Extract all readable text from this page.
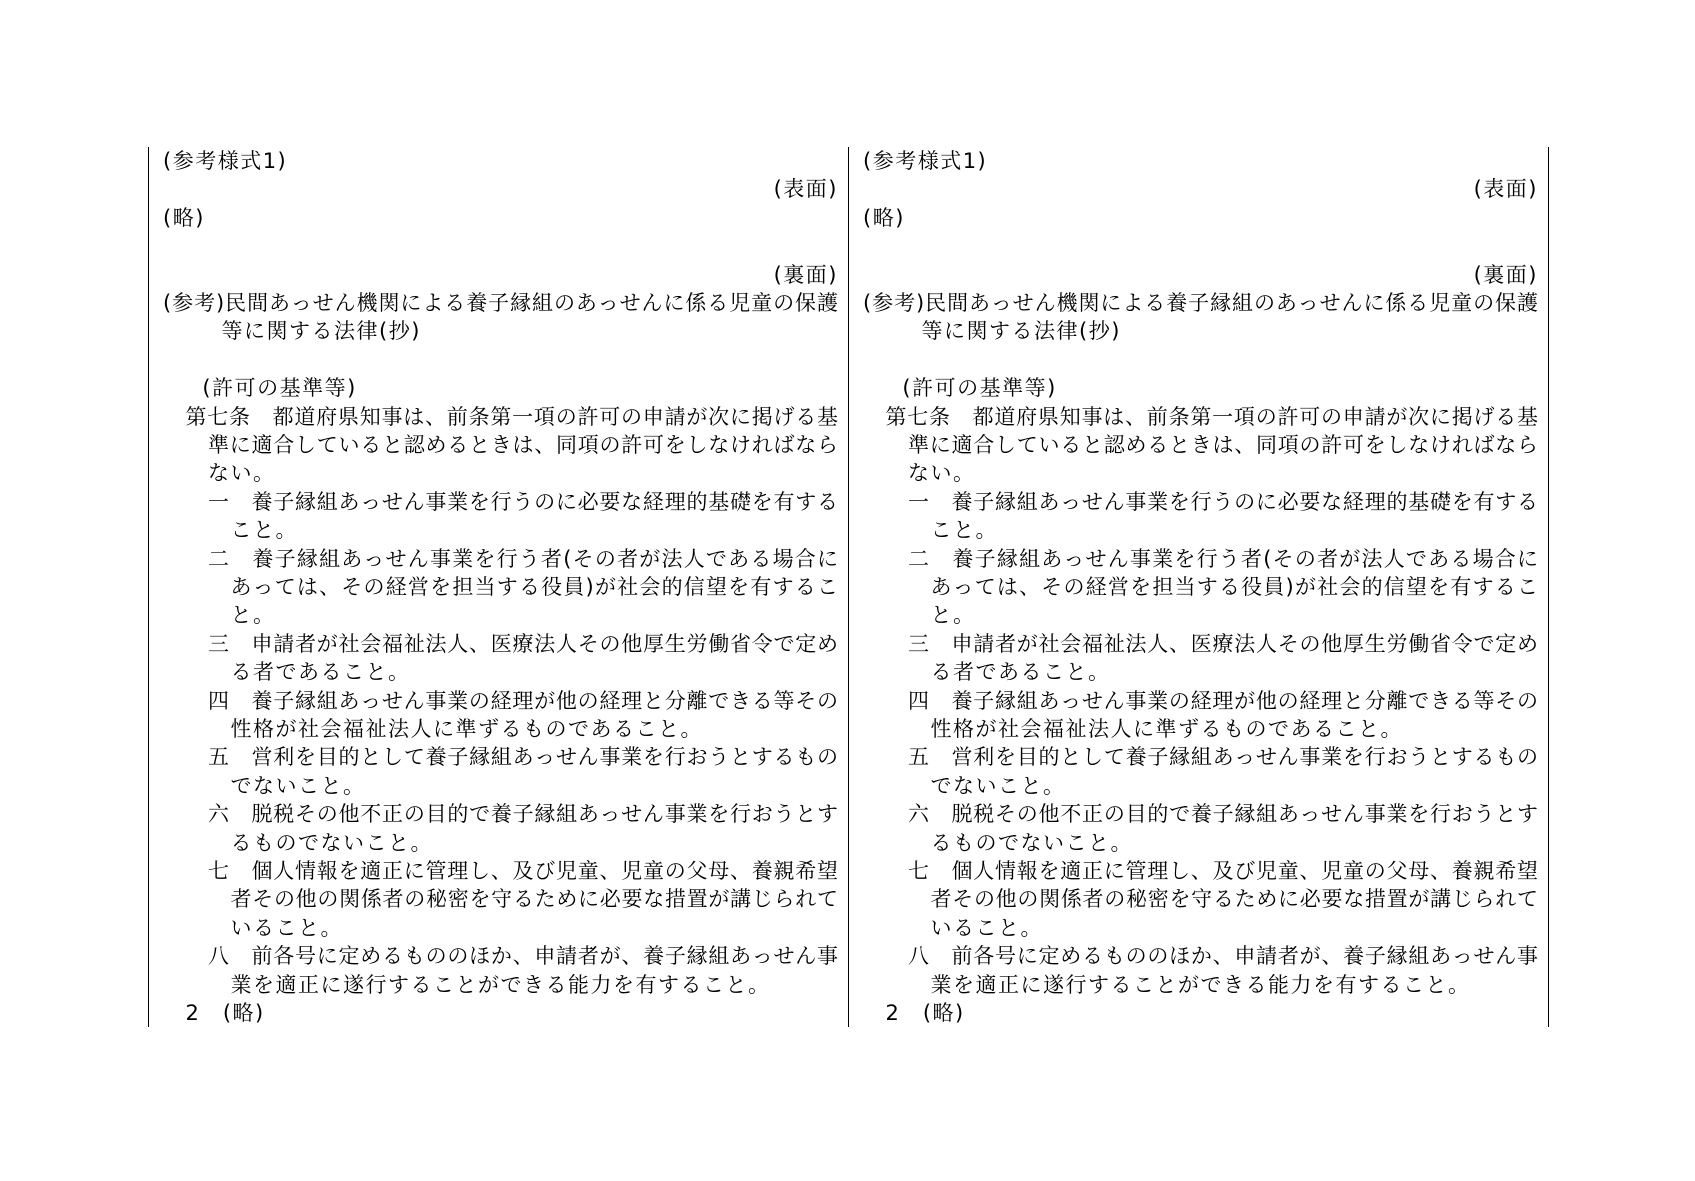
(参考様式1)
(表面)
(略)
(裏面)
(参考)民間あっせん機関による養子縁組のあっせんに係る児童の保護
等に関する法律(抄)
(許可の基準等)
第七条　都道府県知事は、前条第一項の許可の申請が次に掲げる基
準に適合していると認めるときは、同項の許可をしなければなら
ない。
一　養子縁組あっせん事業を行うのに必要な経理的基礎を有する
こと。
二　養子縁組あっせん事業を行う者(その者が法人である場合に
あっては、その経営を担当する役員)が社会的信望を有するこ
と。
三　申請者が社会福祉法人、医療法人その他厚生労働省令で定め
る者であること。
四　養子縁組あっせん事業の経理が他の経理と分離できる等その
性格が社会福祉法人に準ずるものであること。
五　営利を目的として養子縁組あっせん事業を行おうとするもの
でないこと。
六　脱税その他不正の目的で養子縁組あっせん事業を行おうとす
るものでないこと。
七　個人情報を適正に管理し、及び児童、児童の父母、養親希望
者その他の関係者の秘密を守るために必要な措置が講じられて
いること。
八　前各号に定めるもののほか、申請者が、養子縁組あっせん事
業を適正に遂行することができる能力を有すること。
2　(略)
(参考様式1)
(表面)
(略)
(裏面)
(参考)民間あっせん機関による養子縁組のあっせんに係る児童の保護
等に関する法律(抄)
(許可の基準等)
第七条　都道府県知事は、前条第一項の許可の申請が次に掲げる基
準に適合していると認めるときは、同項の許可をしなければなら
ない。
一　養子縁組あっせん事業を行うのに必要な経理的基礎を有する
こと。
二　養子縁組あっせん事業を行う者(その者が法人である場合に
あっては、その経営を担当する役員)が社会的信望を有するこ
と。
三　申請者が社会福祉法人、医療法人その他厚生労働省令で定め
る者であること。
四　養子縁組あっせん事業の経理が他の経理と分離できる等その
性格が社会福祉法人に準ずるものであること。
五　営利を目的として養子縁組あっせん事業を行おうとするもの
でないこと。
六　脱税その他不正の目的で養子縁組あっせん事業を行おうとす
るものでないこと。
七　個人情報を適正に管理し、及び児童、児童の父母、養親希望
者その他の関係者の秘密を守るために必要な措置が講じられて
いること。
八　前各号に定めるもののほか、申請者が、養子縁組あっせん事
業を適正に遂行することができる能力を有すること。
2　(略)
